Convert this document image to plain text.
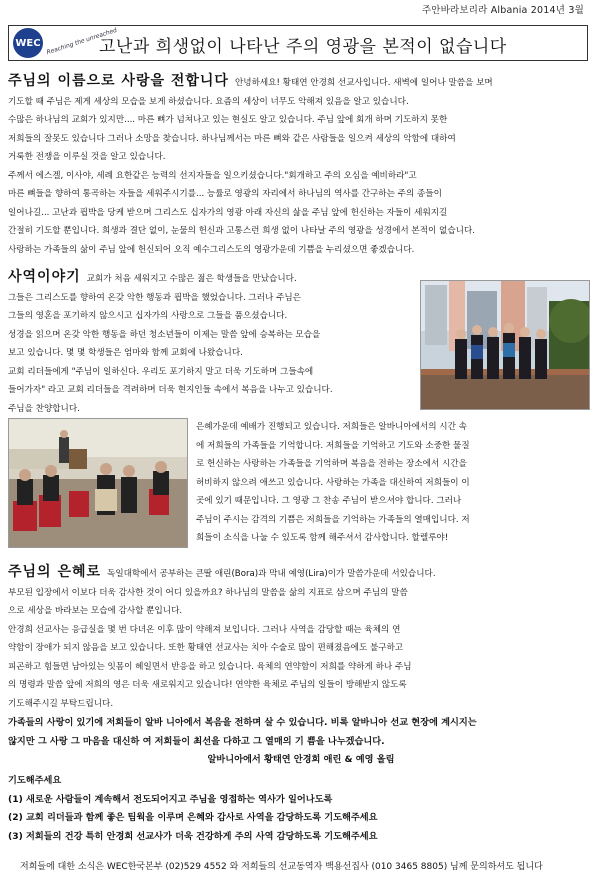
주안바라보리라 Albania 2014년 3월
WEC Reaching the unreached
고난과 희생없이 나타난 주의 영광을 본적이 없습니다
주님의 이름으로 사랑을 전합니다 안녕하세요! 황태연 안경희 선교사입니다. 새벽에 일어나 말씀을 보며
기도할 때 주님은 제게 세상의 모습을 보게 하셨습니다. 요즘의 세상이 너무도 악해져 있음을 알고 있습니다.
수많은 하나님의 교회가 있지만.... 마른 뼈가 넘쳐나고 있는 현실도 알고 있습니다. 주님 앞에 회개 하며 기도하지 못한
저희들의 잘못도 있습니다 그러나 소망을 찾습니다. 하나님께서는 마른 뼈와 같은 사람들을 일으켜 세상의 악함에 대하여
거룩한 전쟁을 이루실 것을 알고 있습니다.
주께서 에스겔, 이사야, 세례 요한같은 능력의 선지자들을 일으키셨습니다."회개하고 주의 오심을 예비하라"고
마른 뼈들을 향하여 통곡하는 자들을 세워주시기를... 능률로 영광의 자리에서 하나님의 역사를 간구하는 주의 종들이
일어나길... 고난과 핍박을 당케 받으며 그리스도 십자가의 영광 아래 자신의 삶을 주님 앞에 헌신하는 자들이 세워지길
간절히 기도할 뿐입니다. 희생과 결단 없이, 눈물의 헌신과 고통스런 희생 없이 나타날 주의 영광을 성경에서 본적이 없습니다.
사랑하는 가족들의 삶이 주님 앞에 헌신되어 오직 예수그리스도의 영광가운데 기쁨을 누리셨으면 좋겠습니다.
사역이야기 교회가 처음 세워지고 수많은 젊은 학생들을 만났습니다.
그들은 그리스도를 향하여 온갖 악한 행동과 핍박을 했었습니다. 그러나 주님은
그들의 영혼을 포기하지 않으시고 십자가의 사랑으로 그들을 품으셨습니다.
성경을 읽으며 온갖 악한 행동을 하던 청소년들이 이제는 말씀 앞에 승복하는 모습을
보고 있습니다. 몇 몇 학생들은 엄마와 함께 교회에 나왔습니다.
교회 리더들에게 "주님이 일하신다. 우리도 포기하지 말고 더욱 기도하며 그들속에
들어가자" 라고 교회 리더들을 격려하며 더욱 현지인들 속에서 복음을 나누고 있습니다.
주님을 찬양합니다.
은혜가운데 예배가 진행되고 있습니다. 저희들은 알바니아에서의 시간 속
에 저희들의 가족들을 기억합니다. 저희들을 기억하고 기도와 소중한 물질
로 헌신하는 사랑하는 가족들을 기억하며 복음을 전하는 장소에서 시간을
허비하지 않으려 애쓰고 있습니다. 사랑하는 가족을 대신하여 저희들이 이
곳에 있기 때문입니다. 그 영광 그 찬송 주님이 받으셔야 합니다. 그러나
주님이 주시는 감격의 기쁨은 저희들을 기억하는 가족들의 열매입니다. 저
희들이 소식을 나눌 수 있도록 함께 해주셔서 감사합니다. 할렐루야!
주님의 은혜로 독일대학에서 공부하는 큰딸 애린(Bora)과 막내 예영(Lira)이가 말씀가운데 서있습니다.
부모된 입장에서 이보다 더욱 감사한 것이 어디 있을까요? 하나님의 말씀을 삶의 지표로 삼으며 주님의 말씀
으로 세상을 바라보는 모습에 감사할 뿐입니다.
안경희 선교사는 응급실을 몇 번 다녀온 이후 많이 약해져 보입니다. 그러나 사역을 감당할 때는 육체의 연
약함이 장애가 되지 않음을 보고 있습니다. 또한 황태연 선교사는 치아 수술로 많이 편해졌음에도 불구하고
피곤하고 힘들면 남아있는 잇몸이 헤일면서 반응을 하고 있습니다. 육체의 연약함이 저희를 약하게 하나 주님
의 명령과 말씀 앞에 저희의 영은 더욱 새로워지고 있습니다! 연약한 육체로 주님의 일들이 방해받지 않도록
기도해주시길 부탁드립니다.
가족들의 사랑이 있기에 저희들이 알바 니아에서 복음을 전하며 살 수 있습니다. 비록 알바니아 선교 현장에 계시지는
않지만 그 사랑 그 마음을 대신하 여 저희들이 최선을 다하고 그 열매의 기 쁨을 나누겠습니다.
알바니아에서 황태연 안경희 애린 & 예영 올림
기도해주세요
(1) 새로운 사람들이 계속해서 전도되어지고 주님을 영접하는 역사가 일어나도록
(2) 교회 리더들과 함께 좋은 팀웍을 이루며 은혜와 감사로 사역을 감당하도록 기도해주세요
(3) 저희들의 건강 특히 안경희 선교사가 더욱 건강하게 주의 사역 감당하도록 기도해주세요
저희들에 대한 소식은 WEC한국본부 (02)529 4552 와 저희들의 선교동역자 백용선집사 (010 3465 8805) 님께 문의하셔도 됩니다
